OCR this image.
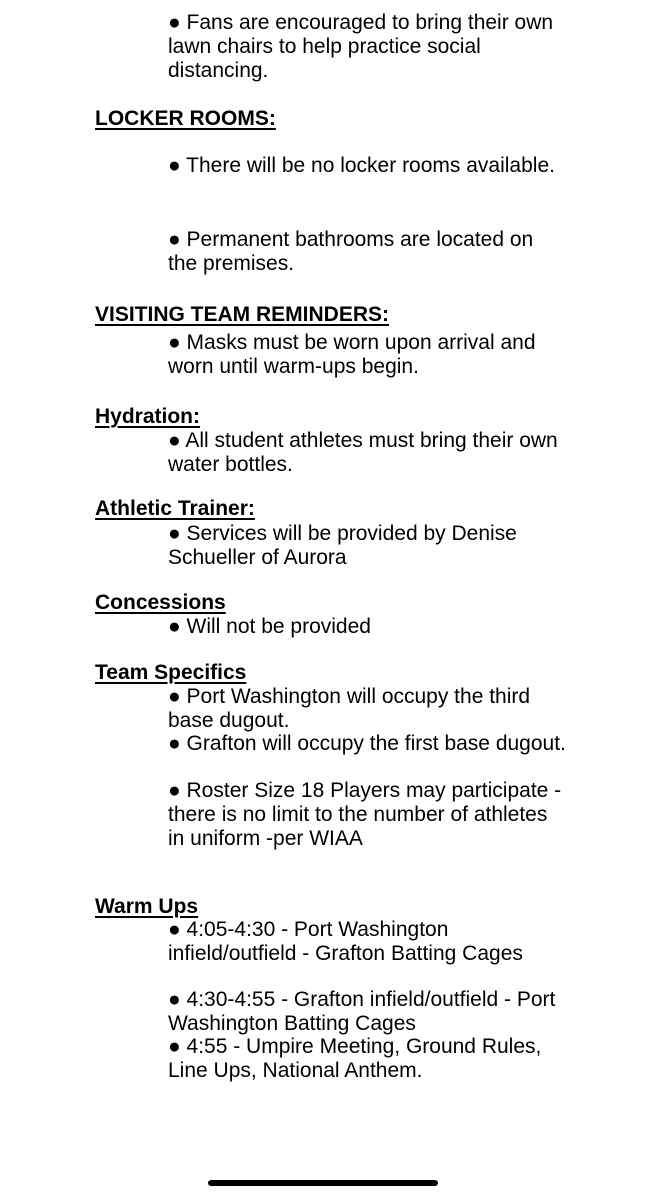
● Fans are encouraged to bring their own lawn chairs to help practice social distancing.

LOCKER ROOMS:

● There will be no locker rooms available.

● Permanent bathrooms are located on the premises.

VISITING TEAM REMINDERS:

● Masks must be worn upon arrival and worn until warm-ups begin.

Hydration:

● All student athletes must bring their own water bottles.

Athletic Trainer:

● Services will be provided by Denise Schueller of Aurora

Concessions

● Will not be provided

Team Specifics

● Port Washington will occupy the third base dugout.

● Grafton will occupy the first base dugout.

● Roster Size 18 Players may participate - there is no limit to the number of athletes in uniform -per WIAA

Warm Ups

● 4:05-4:30 - Port Washington infield/outfield - Grafton Batting Cages

● 4:30-4:55 - Grafton infield/outfield - Port Washington Batting Cages

● 4:55 - Umpire Meeting, Ground Rules, Line Ups, National Anthem.
